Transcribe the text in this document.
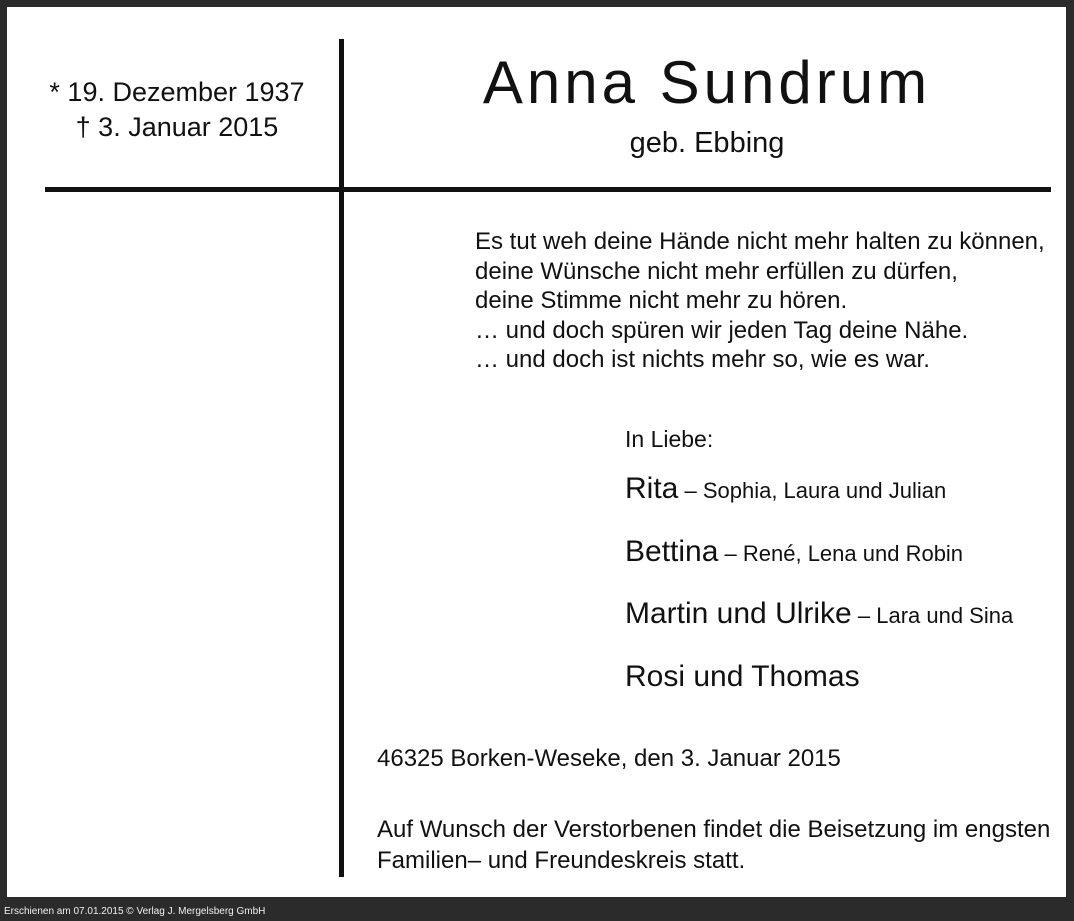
* 19. Dezember 1937
† 3. Januar 2015
Anna Sundrum
geb. Ebbing
Es tut weh deine Hände nicht mehr halten zu können,
deine Wünsche nicht mehr erfüllen zu dürfen,
deine Stimme nicht mehr zu hören.
… und doch spüren wir jeden Tag deine Nähe.
… und doch ist nichts mehr so, wie es war.
In Liebe:
Rita – Sophia, Laura und Julian
Bettina – René, Lena und Robin
Martin und Ulrike – Lara und Sina
Rosi und Thomas
46325 Borken-Weseke, den 3. Januar 2015
Auf Wunsch der Verstorbenen findet die Beisetzung im engsten
Familien– und Freundeskreis statt.
Erschienen am 07.01.2015 © Verlag J. Mergelsberg GmbH
